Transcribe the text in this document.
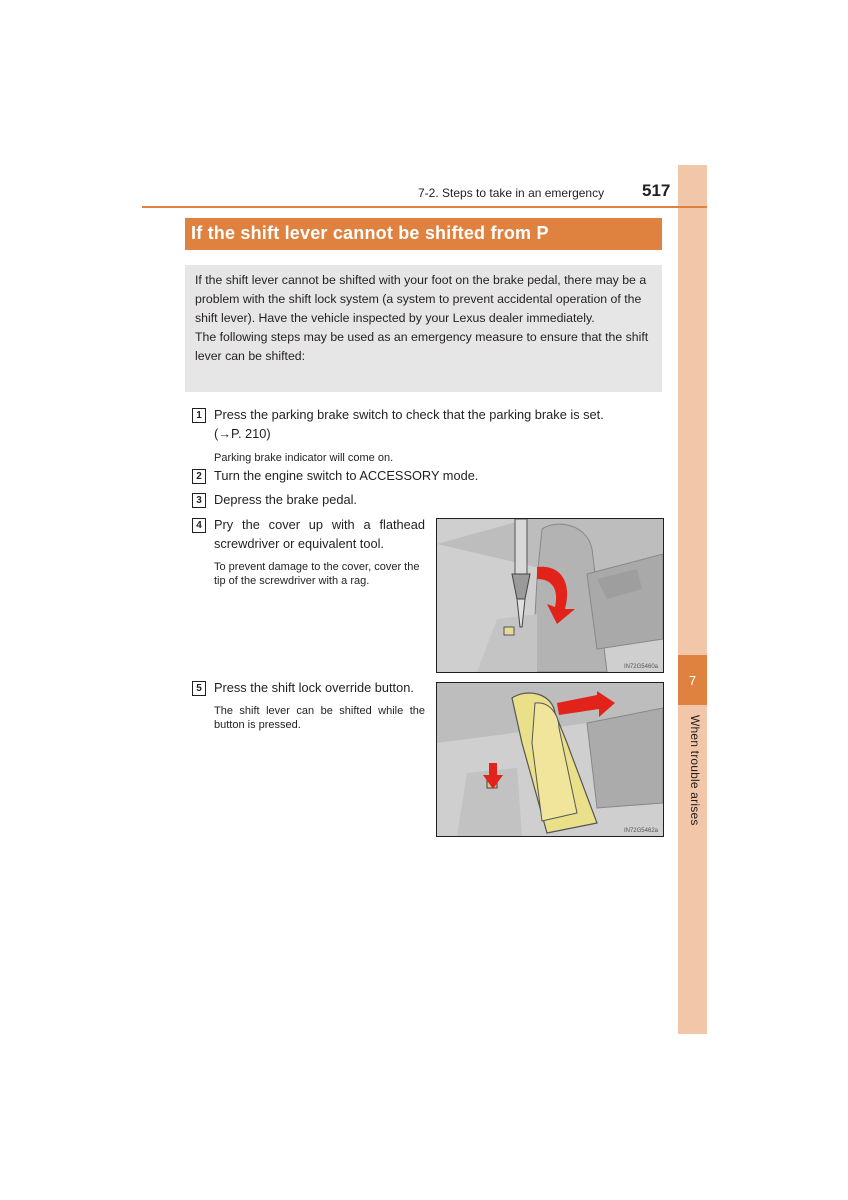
7
When trouble arises
7-2. Steps to take in an emergency 517
If the shift lever cannot be shifted from P

If the shift lever cannot be shifted with your foot on the brake pedal, there may be a problem with the shift lock system (a system to prevent accidental operation of the shift lever). Have the vehicle inspected by your Lexus dealer immediately.

The following steps may be used as an emergency measure to ensure that the shift lever can be shifted:

1 Press the parking brake switch to check that the parking brake is set.
(→P. 210)
Parking brake indicator will come on.
2 Turn the engine switch to ACCESSORY mode.
3 Depress the brake pedal.
4 Pry the cover up with a flathead screwdriver or equivalent tool.
To prevent damage to the cover, cover the tip of the screwdriver with a rag.
IN72G5460a
5 Press the shift lock override button.
The shift lever can be shifted while the button is pressed.
IN72G5462a
